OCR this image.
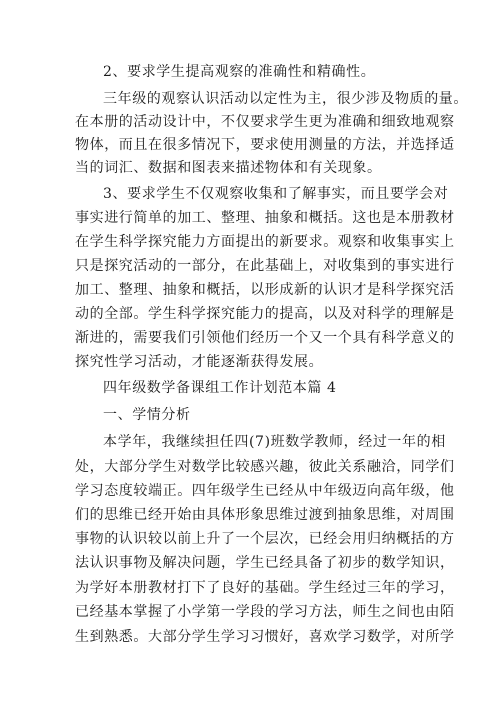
2、要求学生提高观察的准确性和精确性。
三年级的观察认识活动以定性为主，很少涉及物质的量。
在本册的活动设计中，不仅要求学生更为准确和细致地观察
物体，而且在很多情况下，要求使用测量的方法，并选择适
当的词汇、数据和图表来描述物体和有关现象。
3、要求学生不仅观察收集和了解事实，而且要学会对
事实进行简单的加工、整理、抽象和概括。这也是本册教材
在学生科学探究能力方面提出的新要求。观察和收集事实上
只是探究活动的一部分，在此基础上，对收集到的事实进行
加工、整理、抽象和概括，以形成新的认识才是科学探究活
动的全部。学生科学探究能力的提高，以及对科学的理解是
渐进的，需要我们引领他们经历一个又一个具有科学意义的
探究性学习活动，才能逐渐获得发展。
四年级数学备课组工作计划范本篇 4
一、学情分析
本学年，我继续担任四(7)班数学教师，经过一年的相
处，大部分学生对数学比较感兴趣，彼此关系融洽，同学们
学习态度较端正。四年级学生已经从中年级迈向高年级，他
们的思维已经开始由具体形象思维过渡到抽象思维，对周围
事物的认识较以前上升了一个层次，已经会用归纳概括的方
法认识事物及解决问题，学生已经具备了初步的数学知识，
为学好本册教材打下了良好的基础。学生经过三年的学习，
已经基本掌握了小学第一学段的学习方法，师生之间也由陌
生到熟悉。大部分学生学习习惯好，喜欢学习数学，对所学
